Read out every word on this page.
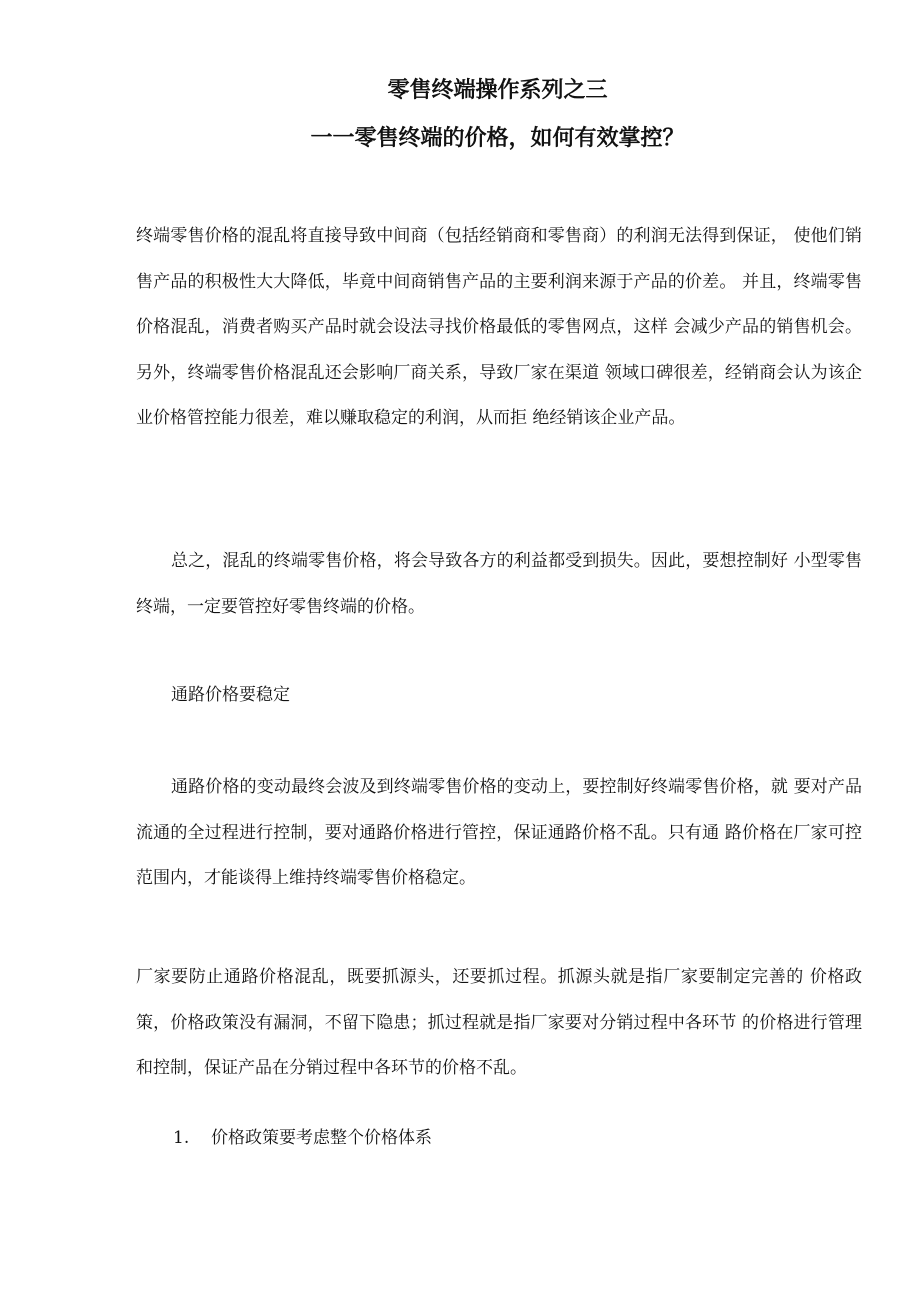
零售终端操作系列之三
一一零售终端的价格，如何有效掌控？

终端零售价格的混乱将直接导致中间商（包括经销商和零售商）的利润无法得到保证， 使他们销售产品的积极性大大降低，毕竟中间商销售产品的主要利润来源于产品的价差。 并且，终端零售价格混乱，消费者购买产品时就会设法寻找价格最低的零售网点，这样 会减少产品的销售机会。另外，终端零售价格混乱还会影响厂商关系，导致厂家在渠道 领域口碑很差，经销商会认为该企业价格管控能力很差，难以赚取稳定的利润，从而拒 绝经销该企业产品。

总之，混乱的终端零售价格，将会导致各方的利益都受到损失。因此，要想控制好 小型零售终端，一定要管控好零售终端的价格。

通路价格要稳定

通路价格的变动最终会波及到终端零售价格的变动上，要控制好终端零售价格，就 要对产品流通的全过程进行控制，要对通路价格进行管控，保证通路价格不乱。只有通 路价格在厂家可控范围内，才能谈得上维持终端零售价格稳定。

厂家要防止通路价格混乱，既要抓源头，还要抓过程。抓源头就是指厂家要制定完善的 价格政策，价格政策没有漏洞，不留下隐患；抓过程就是指厂家要对分销过程中各环节 的价格进行管理和控制，保证产品在分销过程中各环节的价格不乱。

1. 价格政策要考虑整个价格体系
